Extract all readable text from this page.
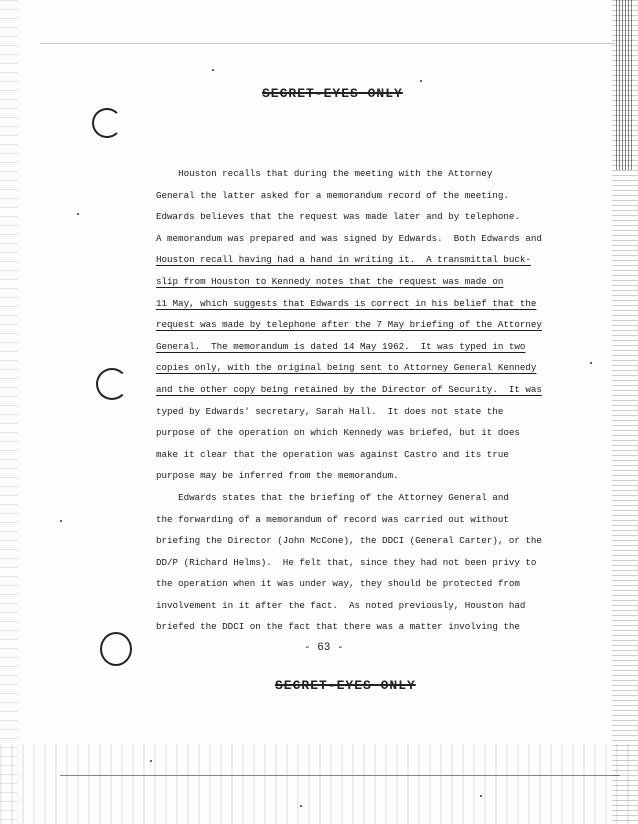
SECRET-EYES ONLY
Houston recalls that during the meeting with the Attorney
General the latter asked for a memorandum record of the meeting.
Edwards believes that the request was made later and by telephone.
A memorandum was prepared and was signed by Edwards.  Both Edwards and
Houston recall having had a hand in writing it.  A transmittal buck-
slip from Houston to Kennedy notes that the request was made on
11 May, which suggests that Edwards is correct in his belief that the
request was made by telephone after the 7 May briefing of the Attorney
General.  The memorandum is dated 14 May 1962.  It was typed in two
copies only, with the original being sent to Attorney General Kennedy
and the other copy being retained by the Director of Security.  It was
typed by Edwards' secretary, Sarah Hall.  It does not state the
purpose of the operation on which Kennedy was briefed, but it does
make it clear that the operation was against Castro and its true
purpose may be inferred from the memorandum.
Edwards states that the briefing of the Attorney General and
the forwarding of a memorandum of record was carried out without
briefing the Director (John McCone), the DDCI (General Carter), or the
DD/P (Richard Helms).  He felt that, since they had not been privy to
the operation when it was under way, they should be protected from
involvement in it after the fact.  As noted previously, Houston had
briefed the DDCI on the fact that there was a matter involving the
- 63 -
SECRET-EYES ONLY
